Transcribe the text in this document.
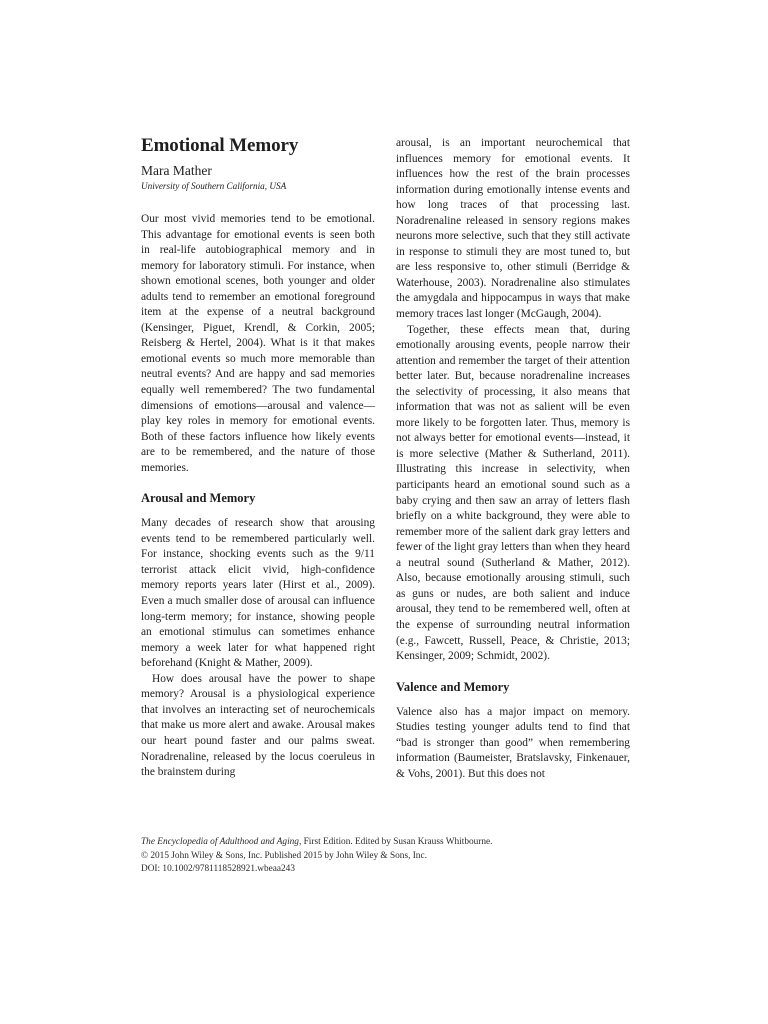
Emotional Memory
Mara Mather
University of Southern California, USA

Our most vivid memories tend to be emotional. This advantage for emotional events is seen both in real-life autobiographical memory and in memory for laboratory stimuli. For instance, when shown emotional scenes, both younger and older adults tend to remember an emotional foreground item at the expense of a neutral background (Kensinger, Piguet, Krendl, & Corkin, 2005; Reisberg & Hertel, 2004). What is it that makes emotional events so much more memorable than neutral events? And are happy and sad memories equally well remembered? The two fundamental dimensions of emotions—arousal and valence—play key roles in memory for emotional events. Both of these factors influence how likely events are to be remembered, and the nature of those memories.

Arousal and Memory

Many decades of research show that arousing events tend to be remembered particularly well. For instance, shocking events such as the 9/11 terrorist attack elicit vivid, high-confidence memory reports years later (Hirst et al., 2009). Even a much smaller dose of arousal can influence long-term memory; for instance, showing people an emotional stimulus can sometimes enhance memory a week later for what happened right beforehand (Knight & Mather, 2009).

How does arousal have the power to shape memory? Arousal is a physiological experience that involves an interacting set of neurochemicals that make us more alert and awake. Arousal makes our heart pound faster and our palms sweat. Noradrenaline, released by the locus coeruleus in the brainstem during

arousal, is an important neurochemical that influences memory for emotional events. It influences how the rest of the brain processes information during emotionally intense events and how long traces of that processing last. Noradrenaline released in sensory regions makes neurons more selective, such that they still activate in response to stimuli they are most tuned to, but are less responsive to, other stimuli (Berridge & Waterhouse, 2003). Noradrenaline also stimulates the amygdala and hippocampus in ways that make memory traces last longer (McGaugh, 2004).

Together, these effects mean that, during emotionally arousing events, people narrow their attention and remember the target of their attention better later. But, because noradrenaline increases the selectivity of processing, it also means that information that was not as salient will be even more likely to be forgotten later. Thus, memory is not always better for emotional events—instead, it is more selective (Mather & Sutherland, 2011). Illustrating this increase in selectivity, when participants heard an emotional sound such as a baby crying and then saw an array of letters flash briefly on a white background, they were able to remember more of the salient dark gray letters and fewer of the light gray letters than when they heard a neutral sound (Sutherland & Mather, 2012). Also, because emotionally arousing stimuli, such as guns or nudes, are both salient and induce arousal, they tend to be remembered well, often at the expense of surrounding neutral information (e.g., Fawcett, Russell, Peace, & Christie, 2013; Kensinger, 2009; Schmidt, 2002).

Valence and Memory

Valence also has a major impact on memory. Studies testing younger adults tend to find that “bad is stronger than good” when remembering information (Baumeister, Bratslavsky, Finkenauer, & Vohs, 2001). But this does not

The Encyclopedia of Adulthood and Aging, First Edition. Edited by Susan Krauss Whitbourne.
© 2015 John Wiley & Sons, Inc. Published 2015 by John Wiley & Sons, Inc.
DOI: 10.1002/9781118528921.wbeaa243
